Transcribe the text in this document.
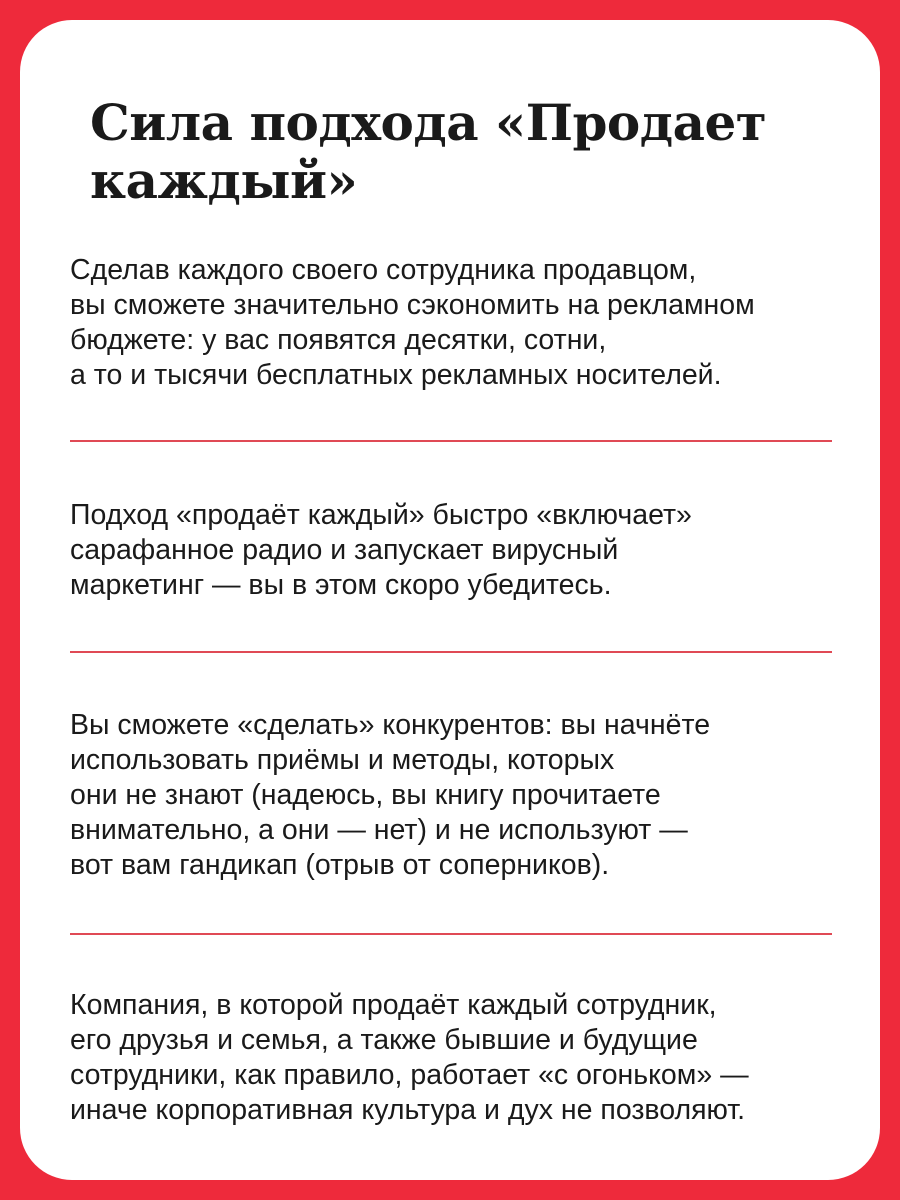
Сила подхода «Продает
каждый»

Сделав каждого своего сотрудника продавцом,
вы сможете значительно сэкономить на рекламном
бюджете: у вас появятся десятки, сотни,
а то и тысячи бесплатных рекламных носителей.

Подход «продаёт каждый» быстро «включает»
сарафанное радио и запускает вирусный
маркетинг — вы в этом скоро убедитесь.

Вы сможете «сделать» конкурентов: вы начнёте
использовать приёмы и методы, которых
они не знают (надеюсь, вы книгу прочитаете
внимательно, а они — нет) и не используют —
вот вам гандикап (отрыв от соперников).

Компания, в которой продаёт каждый сотрудник,
его друзья и семья, а также бывшие и будущие
сотрудники, как правило, работает «с огоньком» —
иначе корпоративная культура и дух не позволяют.
